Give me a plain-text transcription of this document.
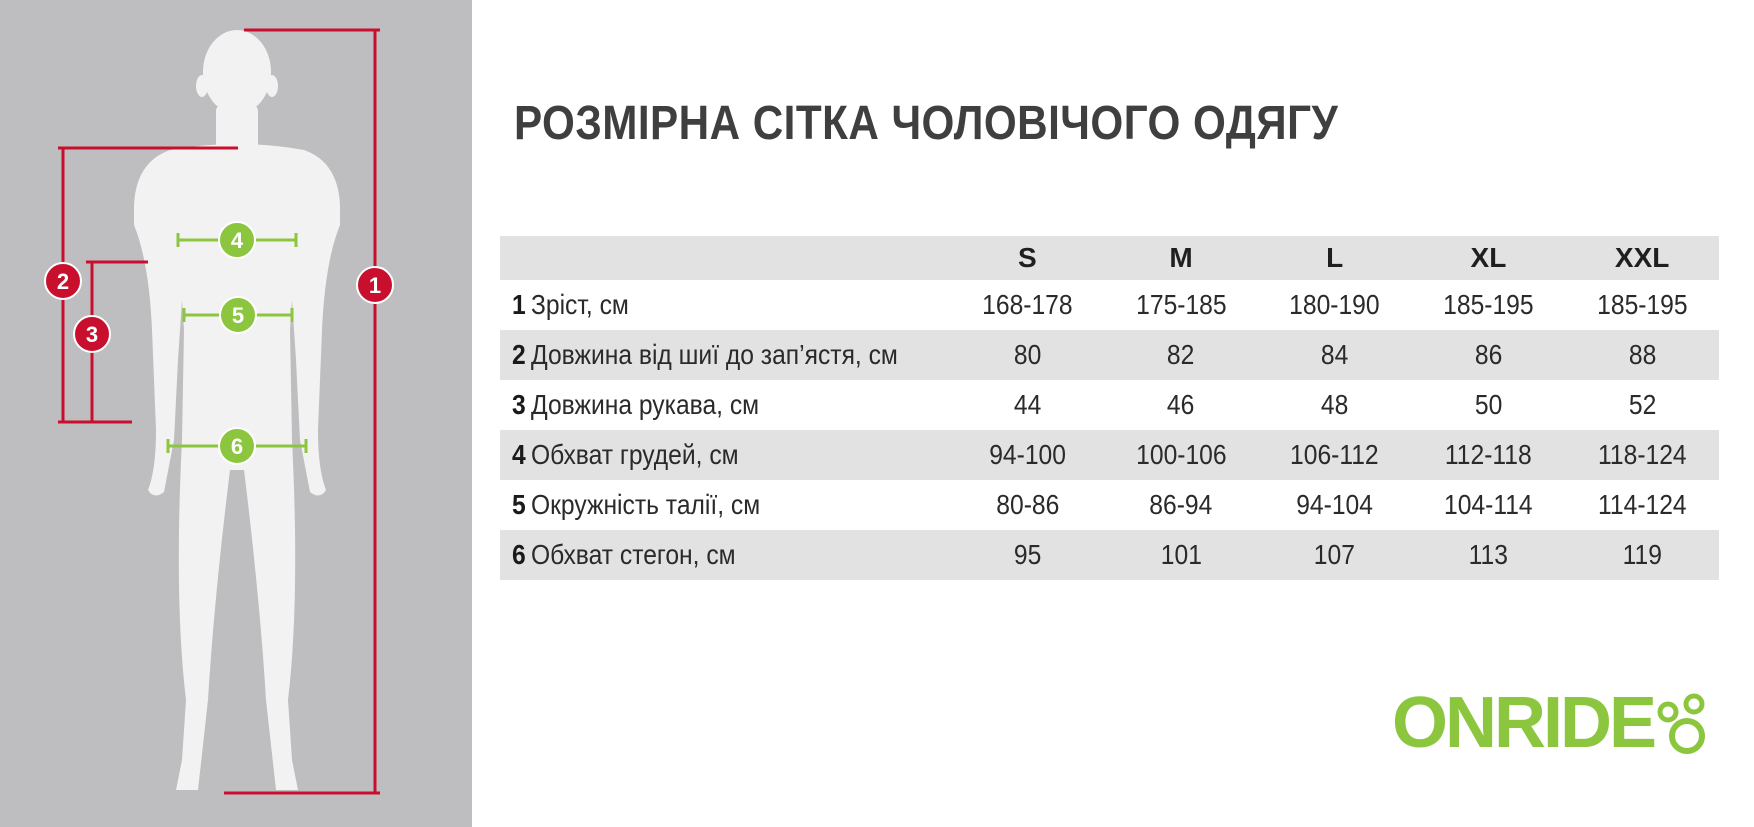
1
2
3
4
5
6
РОЗМІРНА СІТКА ЧОЛОВІЧОГО ОДЯГУ
	S	M	L	XL	XXL
1 Зріст, см	168-178	175-185	180-190	185-195	185-195
2 Довжина від шиї до зап’ястя, см	80	82	84	86	88
3 Довжина рукава, см	44	46	48	50	52
4 Обхват грудей, см	94-100	100-106	106-112	112-118	118-124
5 Окружність талії, см	80-86	86-94	94-104	104-114	114-124
6 Обхват стегон, см	95	101	107	113	119
ONRIDE
